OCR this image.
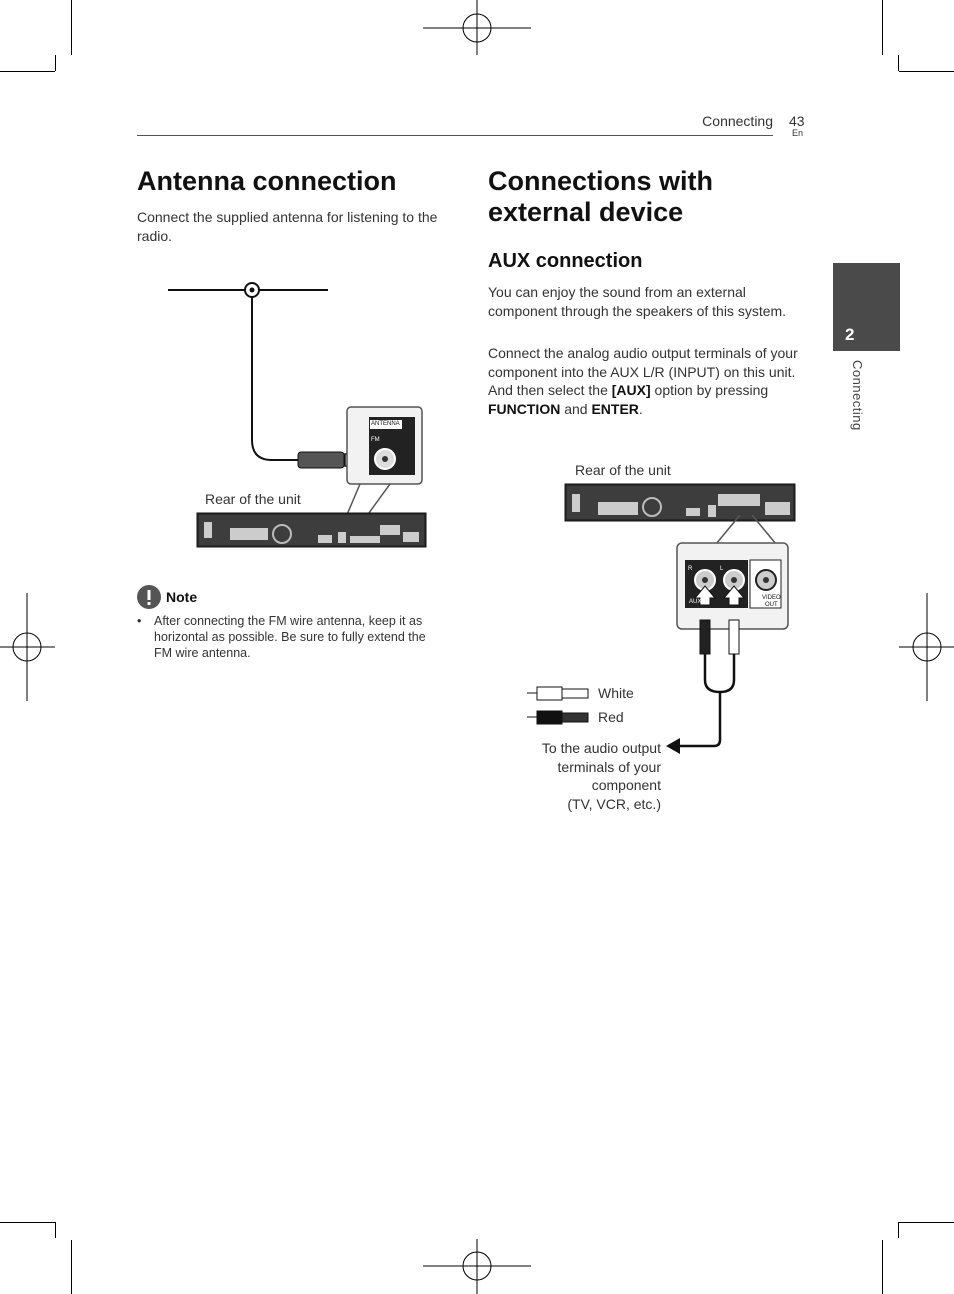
Connecting 43
En
2
Connecting
Antenna connection

Connect the supplied antenna for listening to the radio.

Rear of the unit
ANTENNA
FM
Note
• After connecting the FM wire antenna, keep it as horizontal as possible. Be sure to fully extend the FM wire antenna.
Connections with
external device
AUX connection

You can enjoy the sound from an external component through the speakers of this system.

Connect the analog audio output terminals of your component into the AUX L/R (INPUT) on this unit. And then select the [AUX] option by pressing FUNCTION and ENTER.

Rear of the unit
R	L
AUX
VIDEO
OUT
White
Red
To the audio output
terminals of your
component
(TV, VCR, etc.)
